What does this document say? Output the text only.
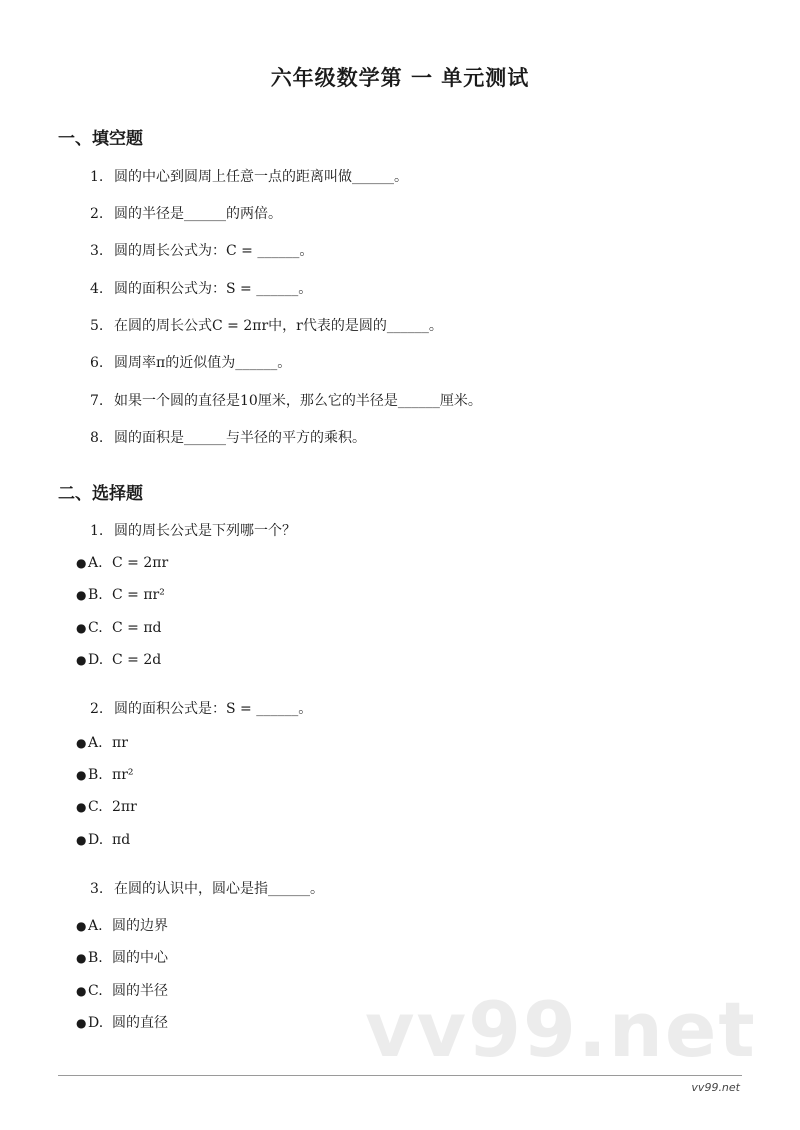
六年级数学第 一 单元测试
一、填空题
1. 圆的中心到圆周上任意一点的距离叫做______。
2. 圆的半径是______的两倍。
3. 圆的周长公式为：C = ______。
4. 圆的面积公式为：S = ______。
5. 在圆的周长公式C = 2πr中，r代表的是圆的______。
6. 圆周率π的近似值为______。
7. 如果一个圆的直径是10厘米，那么它的半径是______厘米。
8. 圆的面积是______与半径的平方的乘积。
二、选择题
1. 圆的周长公式是下列哪一个？
● A. C = 2πr
● B. C = πr²
● C. C = πd
● D. C = 2d
2. 圆的面积公式是：S = ______。
● A. πr
● B. πr²
● C. 2πr
● D. πd
3. 在圆的认识中，圆心是指______。
● A. 圆的边界
● B. 圆的中心
● C. 圆的半径
● D. 圆的直径	vv99.net
vv99.net
